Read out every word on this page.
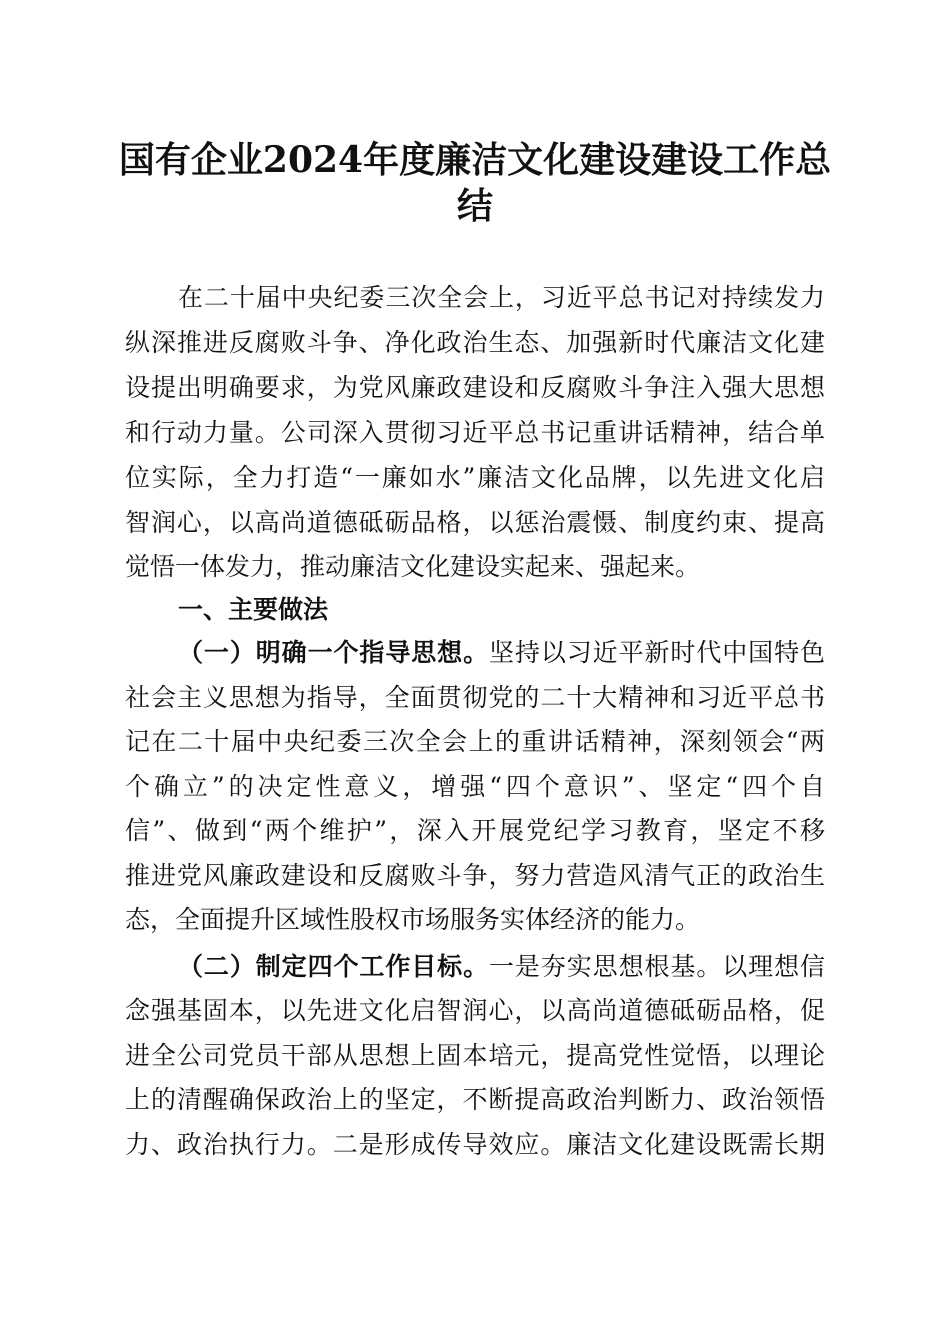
国有企业2024年度廉洁文化建设建设工作总
结
在二十届中央纪委三次全会上，习近平总书记对持续发力
纵深推进反腐败斗争、净化政治生态、加强新时代廉洁文化建
设提出明确要求，为党风廉政建设和反腐败斗争注入强大思想
和行动力量。公司深入贯彻习近平总书记重讲话精神，结合单
位实际，全力打造“一廉如水”廉洁文化品牌，以先进文化启
智润心，以高尚道德砥砺品格，以惩治震慑、制度约束、提高
觉悟一体发力，推动廉洁文化建设实起来、强起来。
一、主要做法
（一）明确一个指导思想。坚持以习近平新时代中国特色
社会主义思想为指导，全面贯彻党的二十大精神和习近平总书
记在二十届中央纪委三次全会上的重讲话精神，深刻领会“两
个确立”的决定性意义，增强“四个意识”、坚定“四个自
信”、做到“两个维护”，深入开展党纪学习教育，坚定不移
推进党风廉政建设和反腐败斗争，努力营造风清气正的政治生
态，全面提升区域性股权市场服务实体经济的能力。
（二）制定四个工作目标。一是夯实思想根基。以理想信
念强基固本，以先进文化启智润心，以高尚道德砥砺品格，促
进全公司党员干部从思想上固本培元，提高党性觉悟，以理论
上的清醒确保政治上的坚定，不断提高政治判断力、政治领悟
力、政治执行力。二是形成传导效应。廉洁文化建设既需长期
